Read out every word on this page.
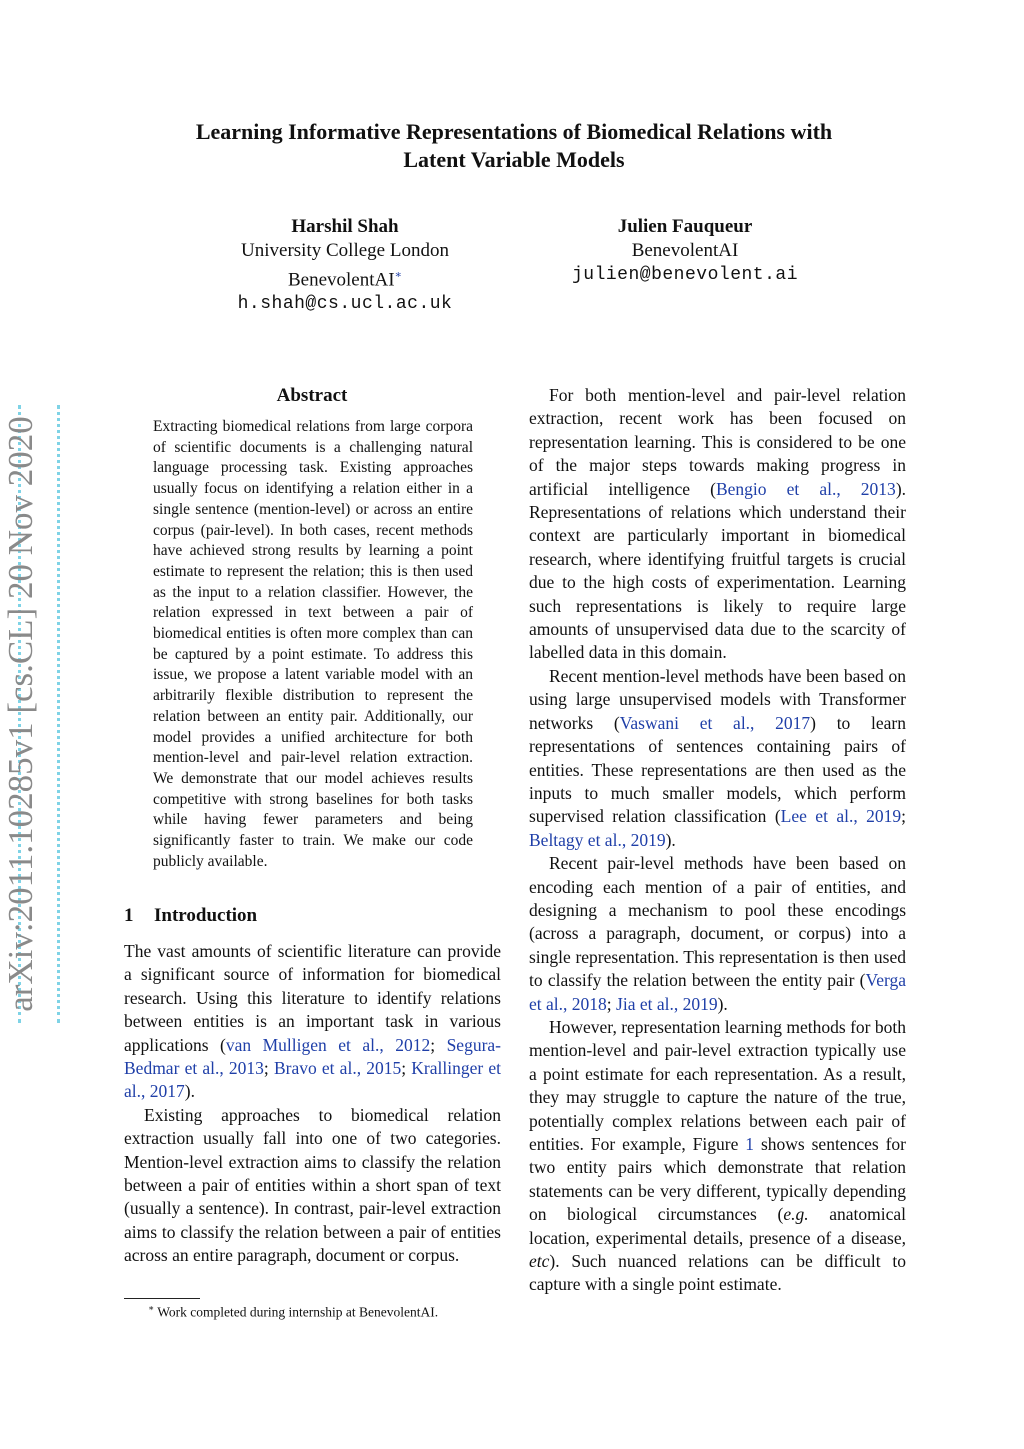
arXiv:2011.10285v1 [cs.CL] 20 Nov 2020
Learning Informative Representations of Biomedical Relations with
Latent Variable Models
Harshil Shah
University College London
BenevolentAI∗
h.shah@cs.ucl.ac.uk
Julien Fauqueur
BenevolentAI
julien@benevolent.ai
Abstract
Extracting biomedical relations from large corpora of scientific documents is a challenging natural language processing task. Existing approaches usually focus on identifying a relation either in a single sentence (mention-level) or across an entire corpus (pair-level). In both cases, recent methods have achieved strong results by learning a point estimate to represent the relation; this is then used as the input to a relation classifier. However, the relation expressed in text between a pair of biomedical entities is often more complex than can be captured by a point estimate. To address this issue, we propose a latent variable model with an arbitrarily flexible distribution to represent the relation between an entity pair. Additionally, our model provides a unified architecture for both mention-level and pair-level relation extraction. We demonstrate that our model achieves results competitive with strong baselines for both tasks while having fewer parameters and being significantly faster to train. We make our code publicly available.
1 Introduction

The vast amounts of scientific literature can provide a significant source of information for biomedical research. Using this literature to identify relations between entities is an important task in various applications (van Mulligen et al., 2012; Segura-Bedmar et al., 2013; Bravo et al., 2015; Krallinger et al., 2017).

Existing approaches to biomedical relation extraction usually fall into one of two categories. Mention-level extraction aims to classify the relation between a pair of entities within a short span of text (usually a sentence). In contrast, pair-level extraction aims to classify the relation between a pair of entities across an entire paragraph, document or corpus.

For both mention-level and pair-level relation extraction, recent work has been focused on representation learning. This is considered to be one of the major steps towards making progress in artificial intelligence (Bengio et al., 2013). Representations of relations which understand their context are particularly important in biomedical research, where identifying fruitful targets is crucial due to the high costs of experimentation. Learning such representations is likely to require large amounts of unsupervised data due to the scarcity of labelled data in this domain.

Recent mention-level methods have been based on using large unsupervised models with Transformer networks (Vaswani et al., 2017) to learn representations of sentences containing pairs of entities. These representations are then used as the inputs to much smaller models, which perform supervised relation classification (Lee et al., 2019; Beltagy et al., 2019).

Recent pair-level methods have been based on encoding each mention of a pair of entities, and designing a mechanism to pool these encodings (across a paragraph, document, or corpus) into a single representation. This representation is then used to classify the relation between the entity pair (Verga et al., 2018; Jia et al., 2019).

However, representation learning methods for both mention-level and pair-level extraction typically use a point estimate for each representation. As a result, they may struggle to capture the nature of the true, potentially complex relations between each pair of entities. For example, Figure 1 shows sentences for two entity pairs which demonstrate that relation statements can be very different, typically depending on biological circumstances (e.g. anatomical location, experimental details, presence of a disease, etc). Such nuanced relations can be difficult to capture with a single point estimate.

∗ Work completed during internship at BenevolentAI.
